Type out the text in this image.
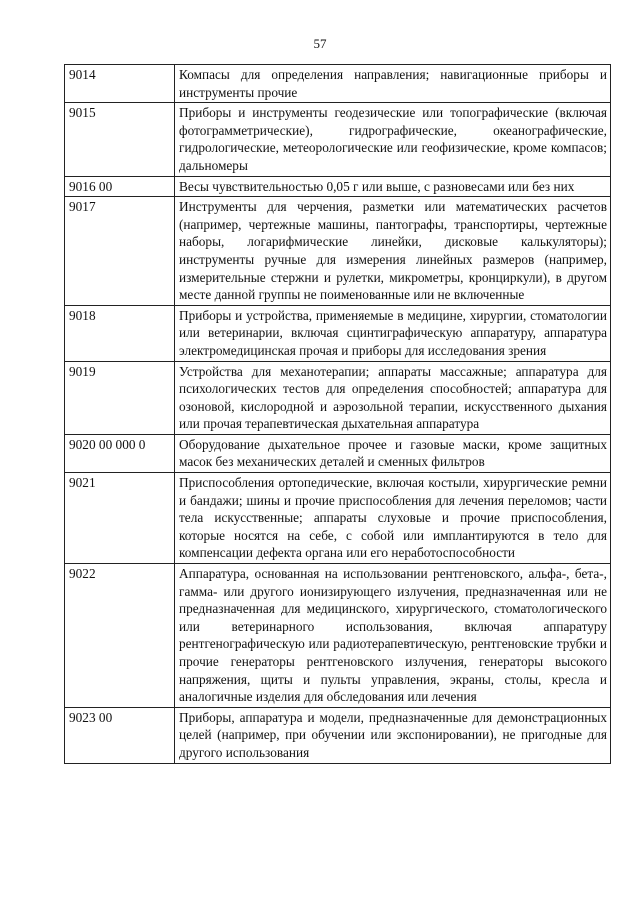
57
9014	Компасы для определения направления; навигационные приборы и инструменты прочие
9015	Приборы и инструменты геодезические или топографические (включая фотограмметрические), гидрографические, океанографические, гидрологические, метеорологические или геофизические, кроме компасов; дальномеры
9016 00	Весы чувствительностью 0,05 г или выше, с разновесами или без них
9017	Инструменты для черчения, разметки или математических расчетов (например, чертежные машины, пантографы, транспортиры, чертежные наборы, логарифмические линейки, дисковые калькуляторы); инструменты ручные для измерения линейных размеров (например, измерительные стержни и рулетки, микрометры, кронциркули), в другом месте данной группы не поименованные или не включенные
9018	Приборы и устройства, применяемые в медицине, хирургии, стоматологии или ветеринарии, включая сцинтиграфическую аппаратуру, аппаратура электромедицинская прочая и приборы для исследования зрения
9019	Устройства для механотерапии; аппараты массажные; аппаратура для психологических тестов для определения способностей; аппаратура для озоновой, кислородной и аэрозольной терапии, искусственного дыхания или прочая терапевтическая дыхательная аппаратура
9020 00 000 0	Оборудование дыхательное прочее и газовые маски, кроме защитных масок без механических деталей и сменных фильтров
9021	Приспособления ортопедические, включая костыли, хирургические ремни и бандажи; шины и прочие приспособления для лечения переломов; части тела искусственные; аппараты слуховые и прочие приспособления, которые носятся на себе, с собой или имплантируются в тело для компенсации дефекта органа или его неработоспособности
9022	Аппаратура, основанная на использовании рентгеновского, альфа-, бета-, гамма- или другого ионизирующего излучения, предназначенная или не предназначенная для медицинского, хирургического, стоматологического или ветеринарного использования, включая аппаратуру рентгенографическую или радиотерапевтическую, рентгеновские трубки и прочие генераторы рентгеновского излучения, генераторы высокого напряжения, щиты и пульты управления, экраны, столы, кресла и аналогичные изделия для обследования или лечения
9023 00	Приборы, аппаратура и модели, предназначенные для демонстрационных целей (например, при обучении или экспонировании), не пригодные для другого использования
